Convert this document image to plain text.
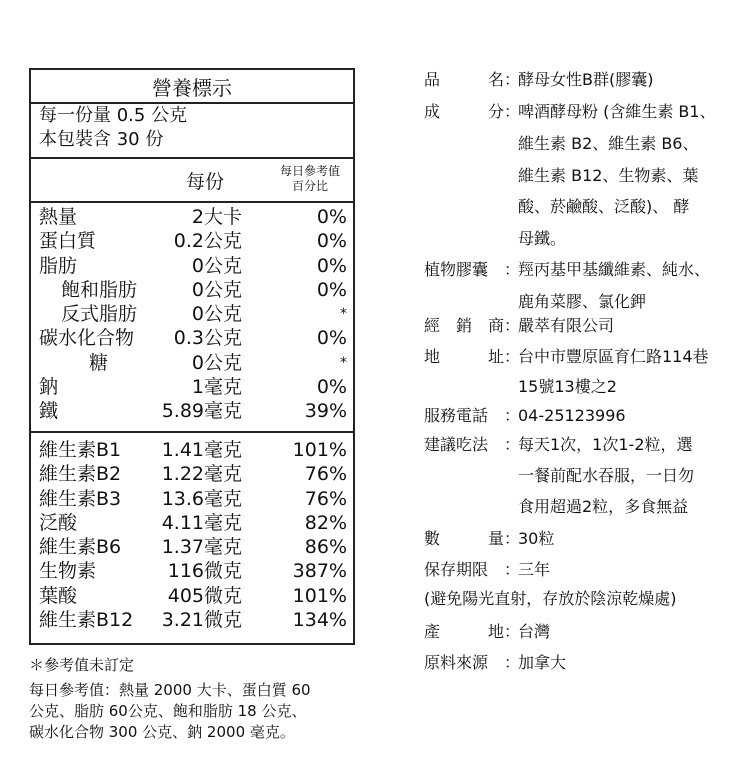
營養標示
每一份量 0.5 公克
本包裝含 30 份
每份	每日參考值
百分比
熱量	2大卡	0%
蛋白質	0.2公克	0%
脂肪	0公克	0%
飽和脂肪	0公克	0%
反式脂肪	0公克	*
碳水化合物 0.3公克	0%
糖	0公克	*
鈉	1毫克	0%
鐵	5.89毫克	39%
維生素B1 1.41毫克	101%
維生素B2 1.22毫克	76%
維生素B3 13.6毫克	76%
泛酸	4.11毫克	82%
維生素B6 1.37毫克	86%
生物素	116微克	387%
葉酸	405微克	101%
維生素B12 3.21微克	134%
＊參考值未訂定
每日參考值：熱量 2000 大卡、蛋白質 60
公克、脂肪 60公克、飽和脂肪 18 公克、
碳水化合物 300 公克、鈉 2000 毫克。
品	名 ：
酵母女性B群(膠囊)
成	分 ：
啤酒酵母粉 (含維生素 B1、
維生素 B2、維生素 B6、
維生素 B12、生物素、葉
酸、菸鹼酸、泛酸)、 酵
母鐵。
植物膠囊 ：
羥丙基甲基纖維素、純水、
鹿角菜膠、氯化鉀
經 銷 商 ：
嚴萃有限公司
地	址 ：
台中市豐原區育仁路114巷
15號13樓之2
服務電話 ：
04-25123996
建議吃法 ：
每天1次，1次1-2粒，選
一餐前配水吞服，一日勿
食用超過2粒，多食無益
數	量 ：
30粒
保存期限 ：
三年
(避免陽光直射，存放於陰涼乾燥處)
產	地 ：
台灣
原料來源 ：
加拿大
